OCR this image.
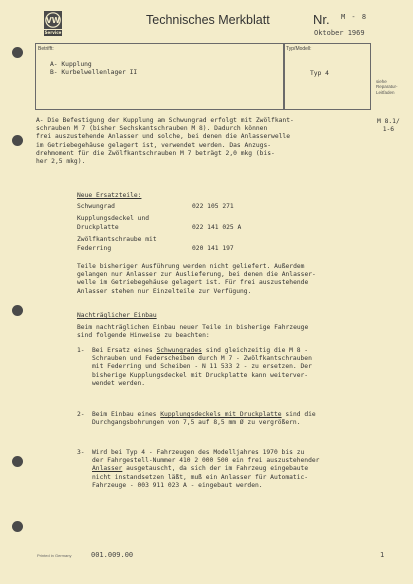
VW
Service
Technisches Merkblatt	Nr. M - 8
Oktober 1969
Betrifft:
A- Kupplung
B- Kurbelwellenlager II
Typ/Modell:
Typ 4
siehe
Reparatur-
Leitfaden
M 8.1/
1-6
A- Die Befestigung der Kupplung am Schwungrad erfolgt mit Zwölfkant-
schrauben M 7 (bisher Sechskantschrauben M 8). Dadurch können
frei auszustehende Anlasser und solche, bei denen die Anlasserwelle
im Getriebegehäuse gelagert ist, verwendet werden. Das Anzugs-
drehmoment für die Zwölfkantschrauben M 7 beträgt 2,0 mkg (bis-
her 2,5 mkg).
Neue Ersatzteile:
Schwungrad	022 105 271
Kupplungsdeckel und
Druckplatte	022 141 025 A
Zwölfkantschraube mit
Federring	020 141 197
Teile bisheriger Ausführung werden nicht geliefert. Außerdem
gelangen nur Anlasser zur Auslieferung, bei denen die Anlasser-
welle im Getriebegehäuse gelagert ist. Für frei auszustehende
Anlasser stehen nur Einzelteile zur Verfügung.
Nachträglicher Einbau
Beim nachträglichen Einbau neuer Teile in bisherige Fahrzeuge
sind folgende Hinweise zu beachten:
1- Bei Ersatz eines Schwungrades sind gleichzeitig die M 8 -
Schrauben und Federscheiben durch M 7 - Zwölfkantschrauben
mit Federring und Scheiben - N 11 533 2 - zu ersetzen. Der
bisherige Kupplungsdeckel mit Druckplatte kann weiterver-
wendet werden.
2- Beim Einbau eines Kupplungsdeckels mit Druckplatte sind die
Durchgangsbohrungen von 7,5 auf 8,5 mm Ø zu vergrößern.
3- Wird bei Typ 4 - Fahrzeugen des Modelljahres 1970 bis zu
der Fahrgestell-Nummer 410 2 000 500 ein frei auszustehender
Anlasser ausgetauscht, da sich der im Fahrzeug eingebaute
nicht instandsetzen läßt, muß ein Anlasser für Automatic-
Fahrzeuge - 003 911 023 A - eingebaut werden.
Printed in Germany	001.009.00	1
